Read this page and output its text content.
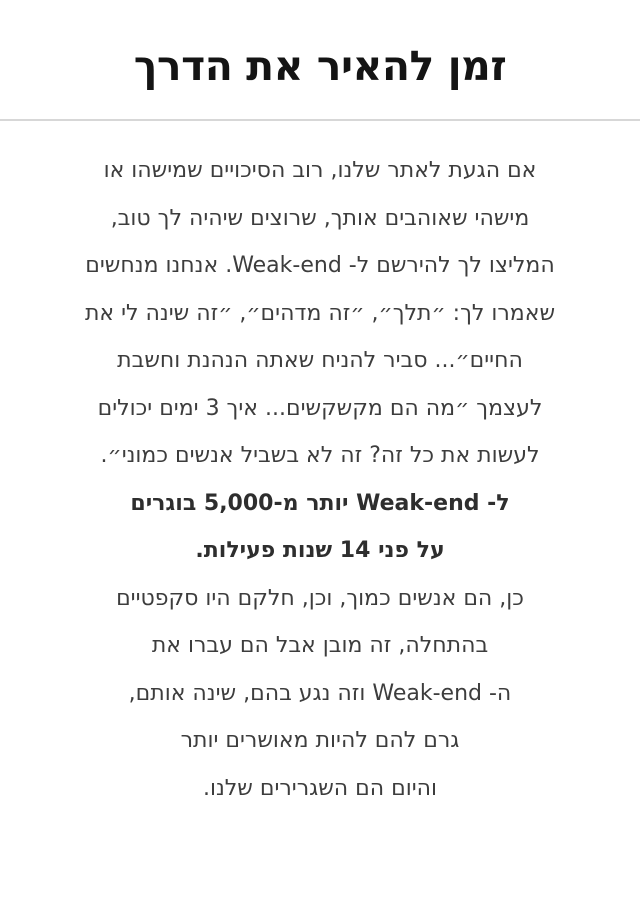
זמן להאיר את הדרך
אם הגעת לאתר שלנו, רוב הסיכויים שמישהו או
מישהי שאוהבים אותך, שרוצים שיהיה לך טוב,
המליצו לך להירשם ל- Weak-end. אנחנו מנחשים
שאמרו לך: ״תלך״, ״זה מדהים״, ״זה שינה לי את
החיים״... סביר להניח שאתה הנהנת וחשבת
לעצמך ״מה הם מקשקשים... איך 3 ימים יכולים
לעשות את כל זה? זה לא בשביל אנשים כמוני״.
ל- Weak-end יותר מ-5,000 בוגרים
על פני 14 שנות פעילות.
כן, הם אנשים כמוך, וכן, חלקם היו סקפטיים
בהתחלה, זה מובן אבל הם עברו את
ה- Weak-end וזה נגע בהם, שינה אותם,
גרם להם להיות מאושרים יותר
והיום הם השגרירים שלנו.
